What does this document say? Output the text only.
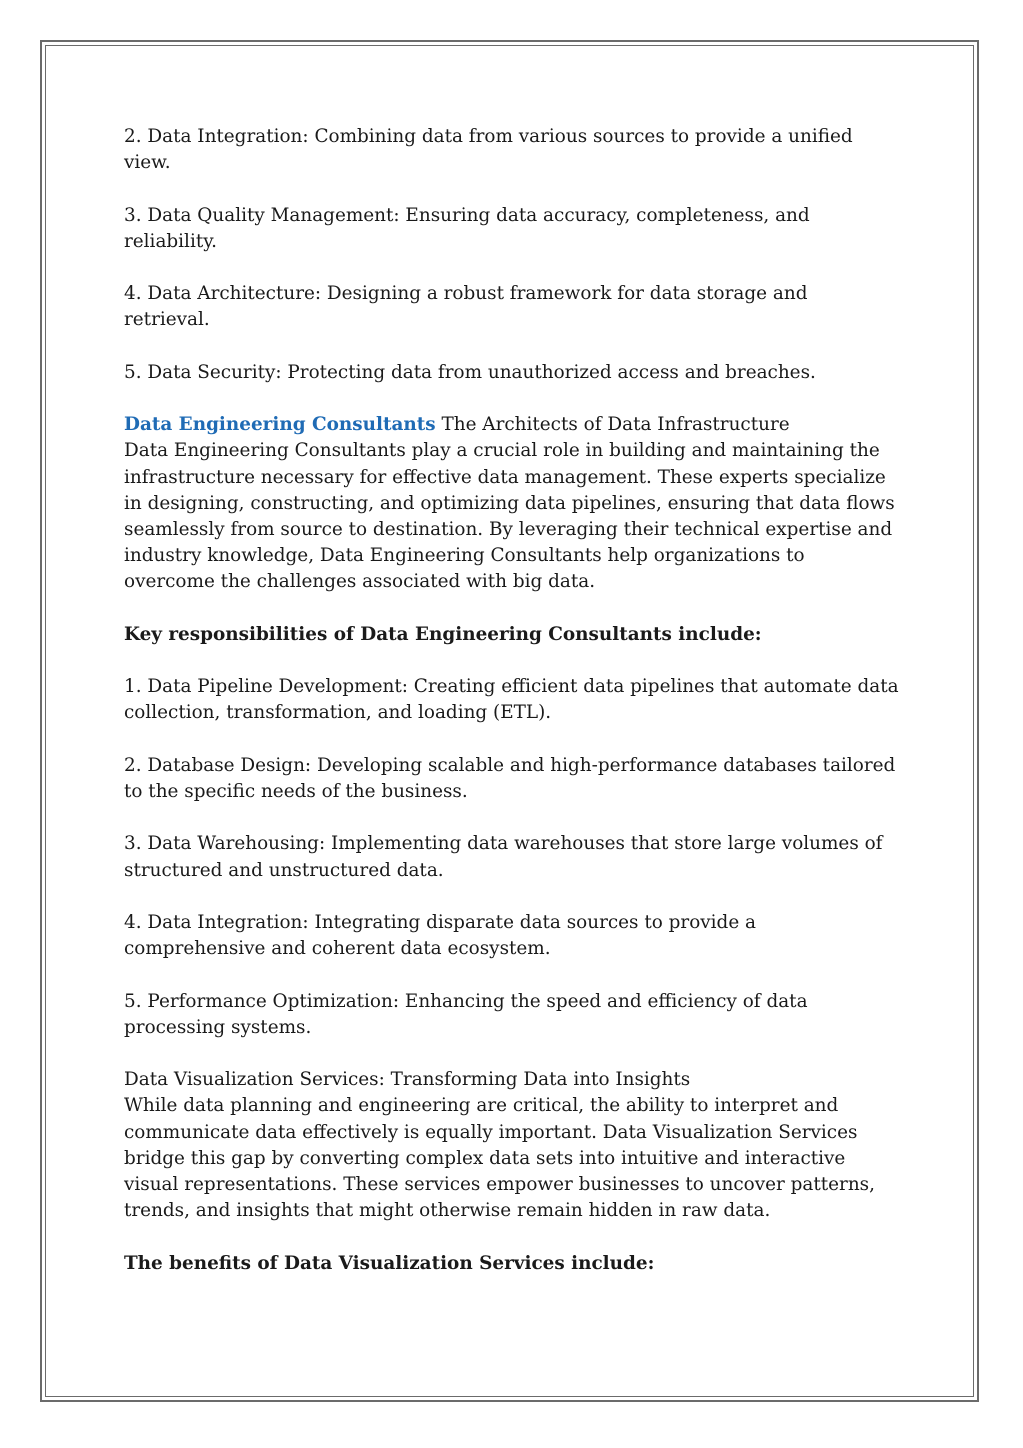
2. Data Integration: Combining data from various sources to provide a unified view.

3. Data Quality Management: Ensuring data accuracy, completeness, and reliability.

4. Data Architecture: Designing a robust framework for data storage and retrieval.

5. Data Security: Protecting data from unauthorized access and breaches.

Data Engineering Consultants The Architects of Data Infrastructure

Data Engineering Consultants play a crucial role in building and maintaining the infrastructure necessary for effective data management. These experts specialize in designing, constructing, and optimizing data pipelines, ensuring that data flows seamlessly from source to destination. By leveraging their technical expertise and industry knowledge, Data Engineering Consultants help organizations to overcome the challenges associated with big data.

Key responsibilities of Data Engineering Consultants include:

1. Data Pipeline Development: Creating efficient data pipelines that automate data collection, transformation, and loading (ETL).

2. Database Design: Developing scalable and high-performance databases tailored to the specific needs of the business.

3. Data Warehousing: Implementing data warehouses that store large volumes of structured and unstructured data.

4. Data Integration: Integrating disparate data sources to provide a comprehensive and coherent data ecosystem.

5. Performance Optimization: Enhancing the speed and efficiency of data processing systems.

Data Visualization Services: Transforming Data into Insights

While data planning and engineering are critical, the ability to interpret and communicate data effectively is equally important. Data Visualization Services bridge this gap by converting complex data sets into intuitive and interactive visual representations. These services empower businesses to uncover patterns, trends, and insights that might otherwise remain hidden in raw data.

The benefits of Data Visualization Services include:
